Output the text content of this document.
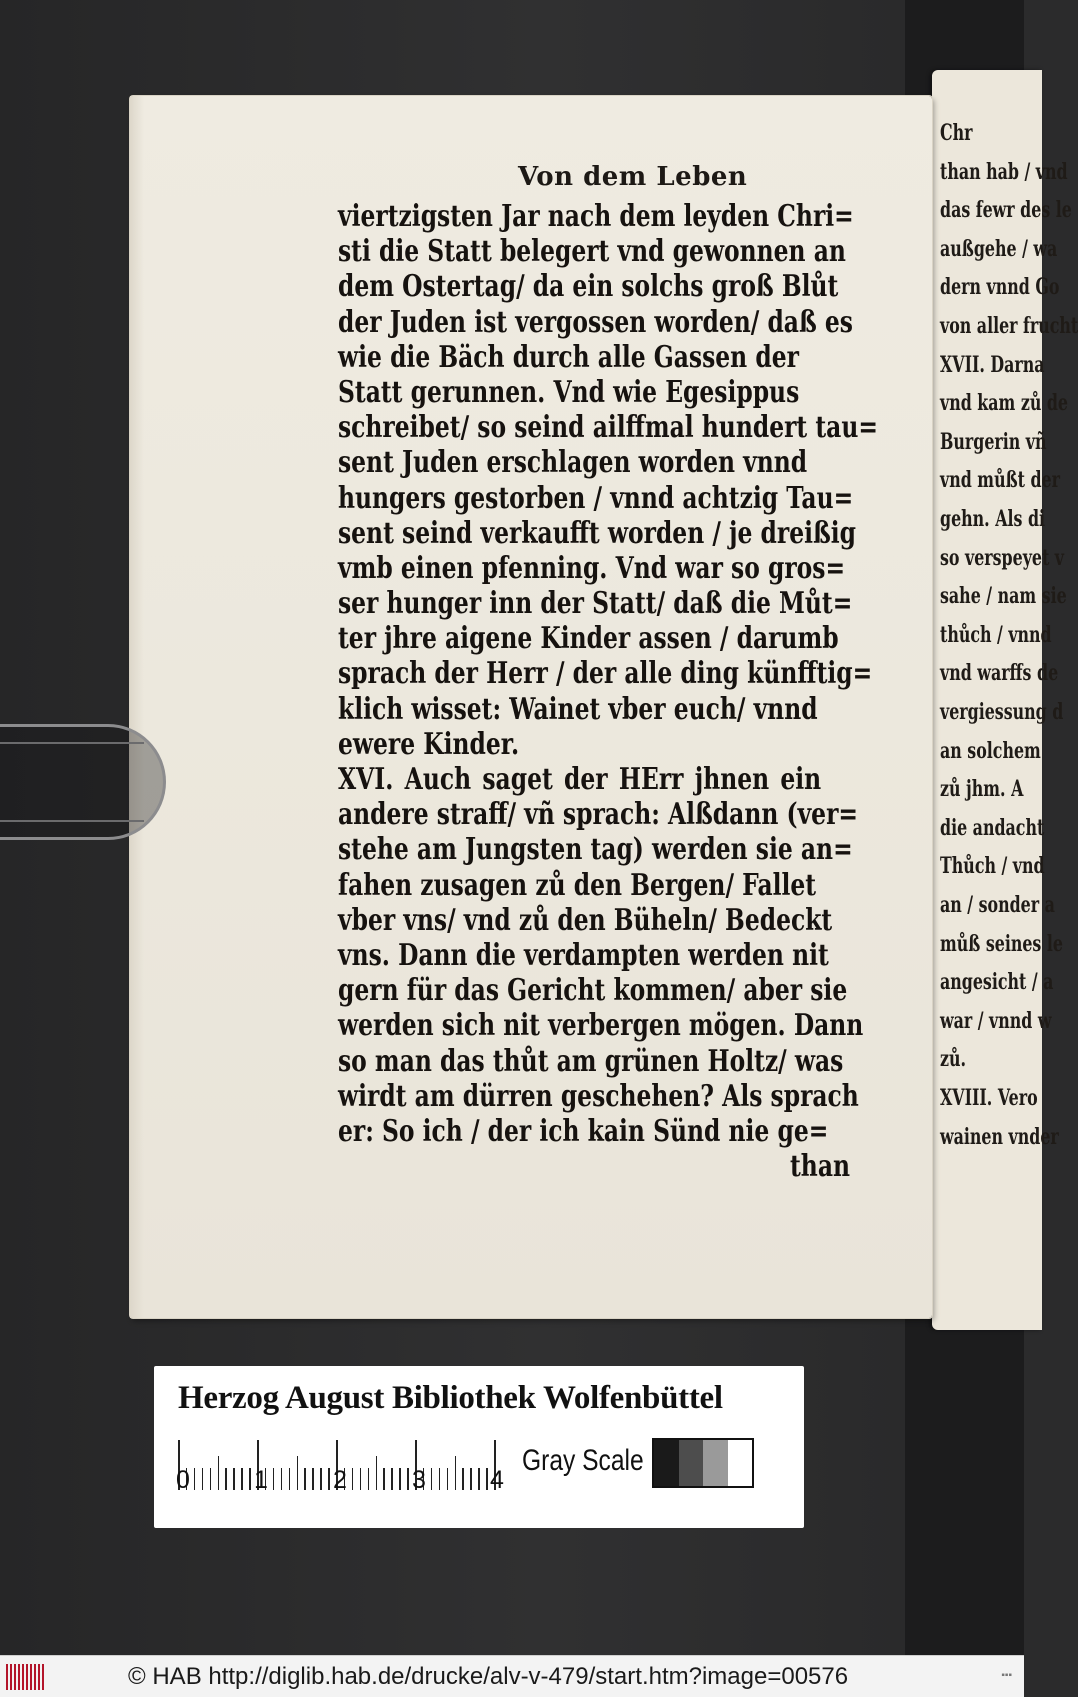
Chr
than hab / vnd
das fewr des le
außgehe / wa
dern vnnd Go
von aller frucht
XVII. Darna
vnd kam zů de
Burgerin vñ
vnd můßt der
gehn. Als di
so verspeyet v
sahe / nam sie
thůch / vnnd
vnd warffs de
vergiessung d
an solchem
zů jhm. A
die andacht
Thůch / vnd
an / sonder a
můß seines le
angesicht / a
war / vnnd w
zů.
XVIII. Vero
wainen vnder
Von dem Leben
viertzigsten Jar nach dem leyden Chri=
sti die Statt belegert vnd gewonnen an
dem Ostertag/ da ein solchs groß Blůt
der Juden ist vergossen worden/ daß es
wie die Bäch durch alle Gassen der
Statt gerunnen. Vnd wie Egesippus
schreibet/ so seind ailffmal hundert tau=
sent Juden erschlagen worden vnnd
hungers gestorben / vnnd achtzig Tau=
sent seind verkaufft worden / je dreißig
vmb einen pfenning. Vnd war so gros=
ser hunger inn der Statt/ daß die Můt=
ter jhre aigene Kinder assen / darumb
sprach der Herr / der alle ding künfftig=
klich wisset: Wainet vber euch/ vnnd
ewere Kinder.
XVI. Auch saget der HErr jhnen ein
andere straff/ vñ sprach: Alßdann (ver=
stehe am Jungsten tag) werden sie an=
fahen zusagen zů den Bergen/ Fallet
vber vns/ vnd zů den Büheln/ Bedeckt
vns. Dann die verdampten werden nit
gern für das Gericht kommen/ aber sie
werden sich nit verbergen mögen. Dann
so man das thůt am grünen Holtz/ was
wirdt am dürren geschehen? Als sprach
er: So ich / der ich kain Sünd nie ge=
than
Herzog August Bibliothek Wolfenbüttel
0	1	2	3	4
Gray Scale
© HAB http://diglib.hab.de/drucke/alv-v-479/start.htm?image=00576	▪▪▪
